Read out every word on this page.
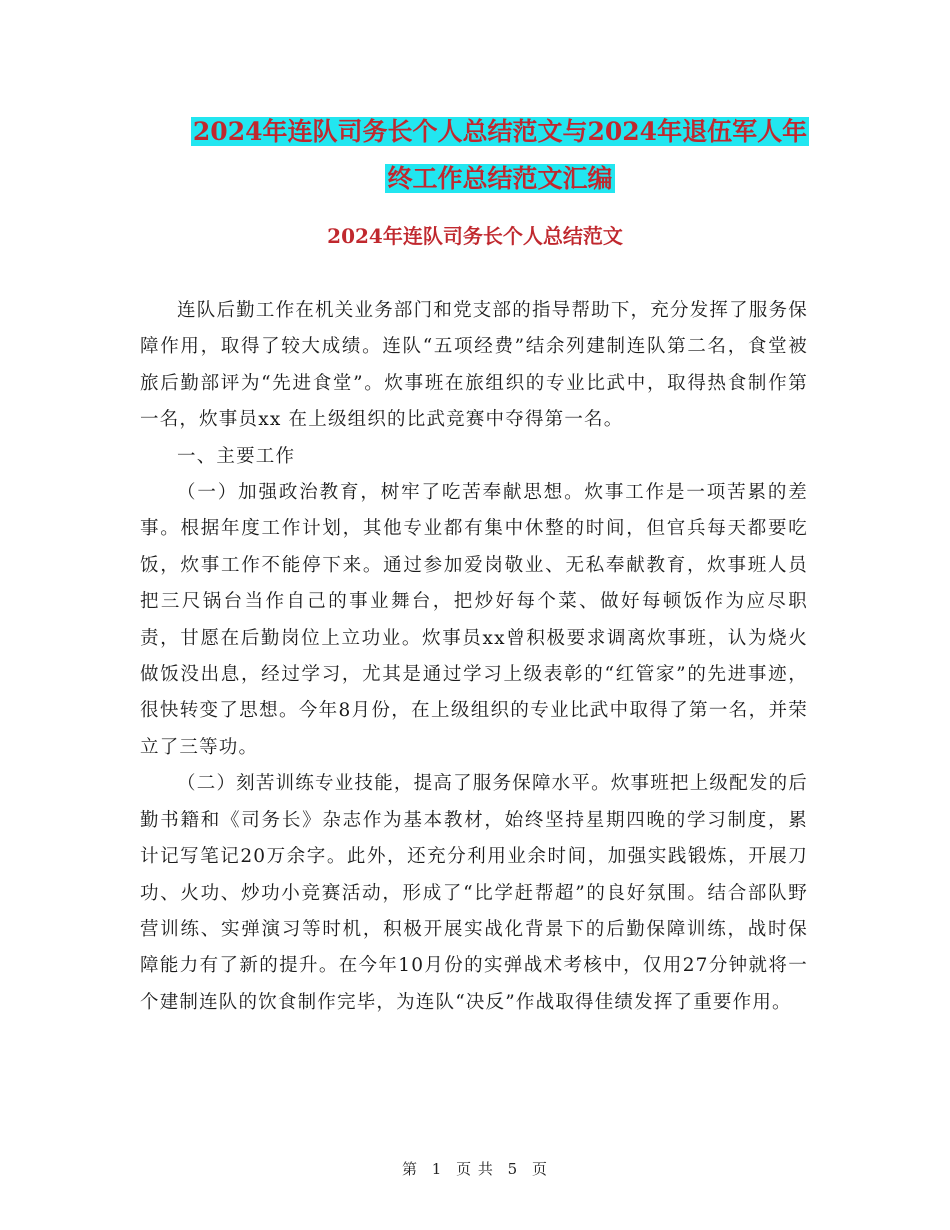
2024年连队司务长个人总结范文与2024年退伍军人年
终工作总结范文汇编
2024年连队司务长个人总结范文

连队后勤工作在机关业务部门和党支部的指导帮助下，充分发挥了服务保障作用，取得了较大成绩。连队“五项经费”结余列建制连队第二名，食堂被旅后勤部评为“先进食堂”。炊事班在旅组织的专业比武中，取得热食制作第一名，炊事员xx 在上级组织的比武竞赛中夺得第一名。

一、主要工作

（一）加强政治教育，树牢了吃苦奉献思想。炊事工作是一项苦累的差事。根据年度工作计划，其他专业都有集中休整的时间，但官兵每天都要吃饭，炊事工作不能停下来。通过参加爱岗敬业、无私奉献教育，炊事班人员把三尺锅台当作自己的事业舞台，把炒好每个菜、做好每顿饭作为应尽职责，甘愿在后勤岗位上立功业。炊事员xx曾积极要求调离炊事班，认为烧火做饭没出息，经过学习，尤其是通过学习上级表彰的“红管家”的先进事迹，很快转变了思想。今年8月份，在上级组织的专业比武中取得了第一名，并荣立了三等功。

（二）刻苦训练专业技能，提高了服务保障水平。炊事班把上级配发的后勤书籍和《司务长》杂志作为基本教材，始终坚持星期四晚的学习制度，累计记写笔记20万余字。此外，还充分利用业余时间，加强实践锻炼，开展刀功、火功、炒功小竞赛活动，形成了“比学赶帮超”的良好氛围。结合部队野营训练、实弹演习等时机，积极开展实战化背景下的后勤保障训练，战时保障能力有了新的提升。在今年10月份的实弹战术考核中，仅用27分钟就将一个建制连队的饮食制作完毕，为连队“决反”作战取得佳绩发挥了重要作用。

第 1 页 共 5 页
